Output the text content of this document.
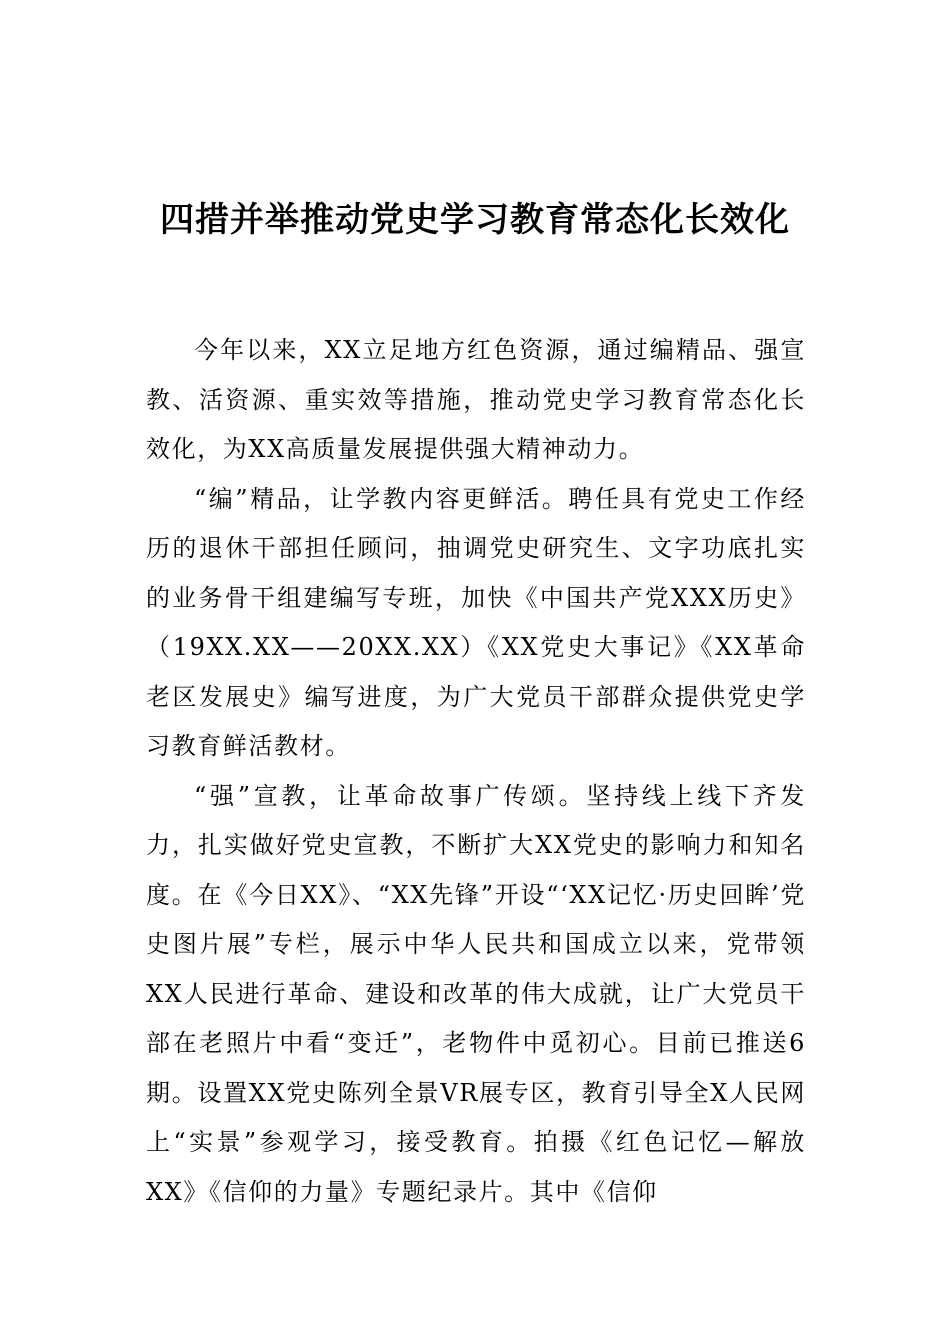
四措并举推动党史学习教育常态化长效化

今年以来，XX立足地方红色资源，通过编精品、强宣教、活资源、重实效等措施，推动党史学习教育常态化长效化，为XX高质量发展提供强大精神动力。

“编”精品，让学教内容更鲜活。聘任具有党史工作经历的退休干部担任顾问，抽调党史研究生、文字功底扎实的业务骨干组建编写专班，加快《中国共产党XXX历史》（19XX.XX——20XX.XX）《XX党史大事记》《XX革命老区发展史》编写进度，为广大党员干部群众提供党史学习教育鲜活教材。

“强”宣教，让革命故事广传颂。坚持线上线下齐发力，扎实做好党史宣教，不断扩大XX党史的影响力和知名度。在《今日XX》、“XX先锋”开设“‘XX记忆·历史回眸’党史图片展”专栏，展示中华人民共和国成立以来，党带领XX人民进行革命、建设和改革的伟大成就，让广大党员干部在老照片中看“变迁”，老物件中觅初心。目前已推送6期。设置XX党史陈列全景VR展专区，教育引导全X人民网上“实景”参观学习，接受教育。拍摄《红色记忆—解放XX》《信仰的力量》专题纪录片。其中《信仰
